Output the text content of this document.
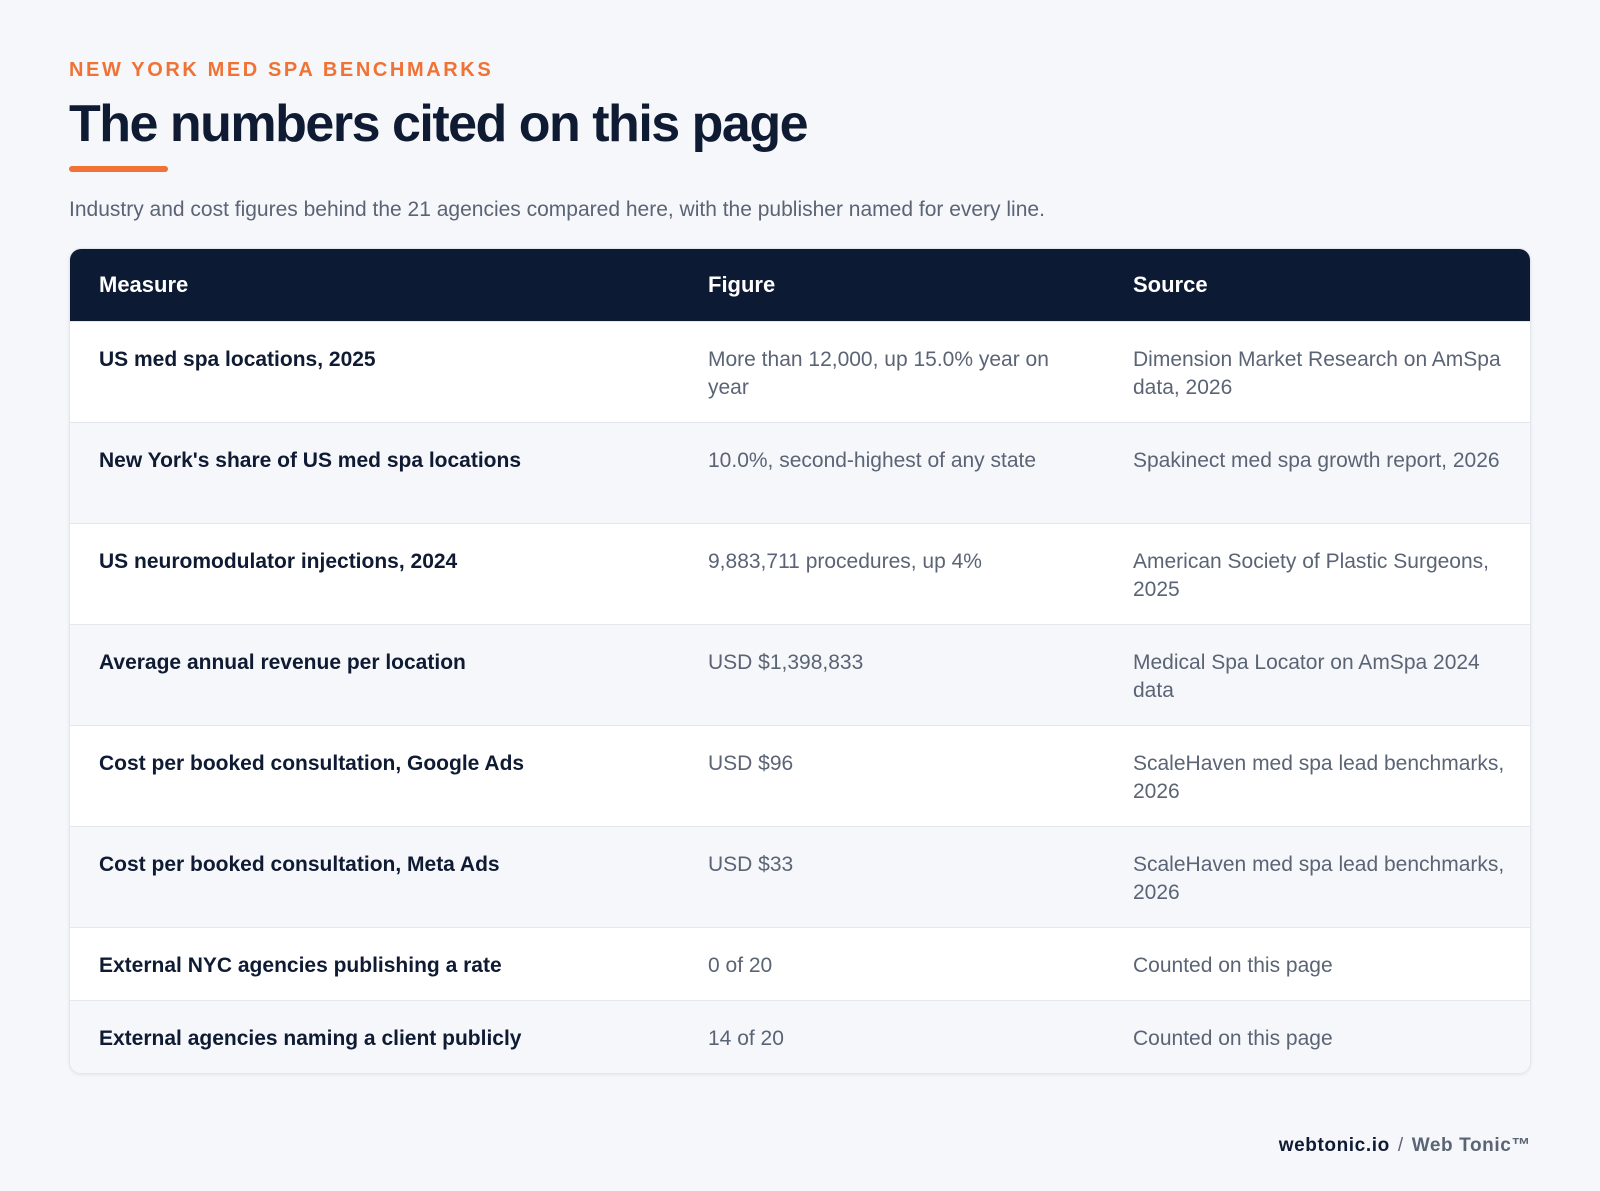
NEW YORK MED SPA BENCHMARKS
The numbers cited on this page
Industry and cost figures behind the 21 agencies compared here, with the publisher named for every line.
Measure	Figure	Source
US med spa locations, 2025	More than 12,000, up 15.0% year on year	Dimension Market Research on AmSpa data, 2026
New York's share of US med spa locations	10.0%, second-highest of any state	Spakinect med spa growth report, 2026
US neuromodulator injections, 2024	9,883,711 procedures, up 4%	American Society of Plastic Surgeons, 2025
Average annual revenue per location	USD $1,398,833	Medical Spa Locator on AmSpa 2024 data
Cost per booked consultation, Google Ads	USD $96	ScaleHaven med spa lead benchmarks, 2026
Cost per booked consultation, Meta Ads	USD $33	ScaleHaven med spa lead benchmarks, 2026
External NYC agencies publishing a rate	0 of 20	Counted on this page
External agencies naming a client publicly	14 of 20	Counted on this page
webtonic.io / Web Tonic™
